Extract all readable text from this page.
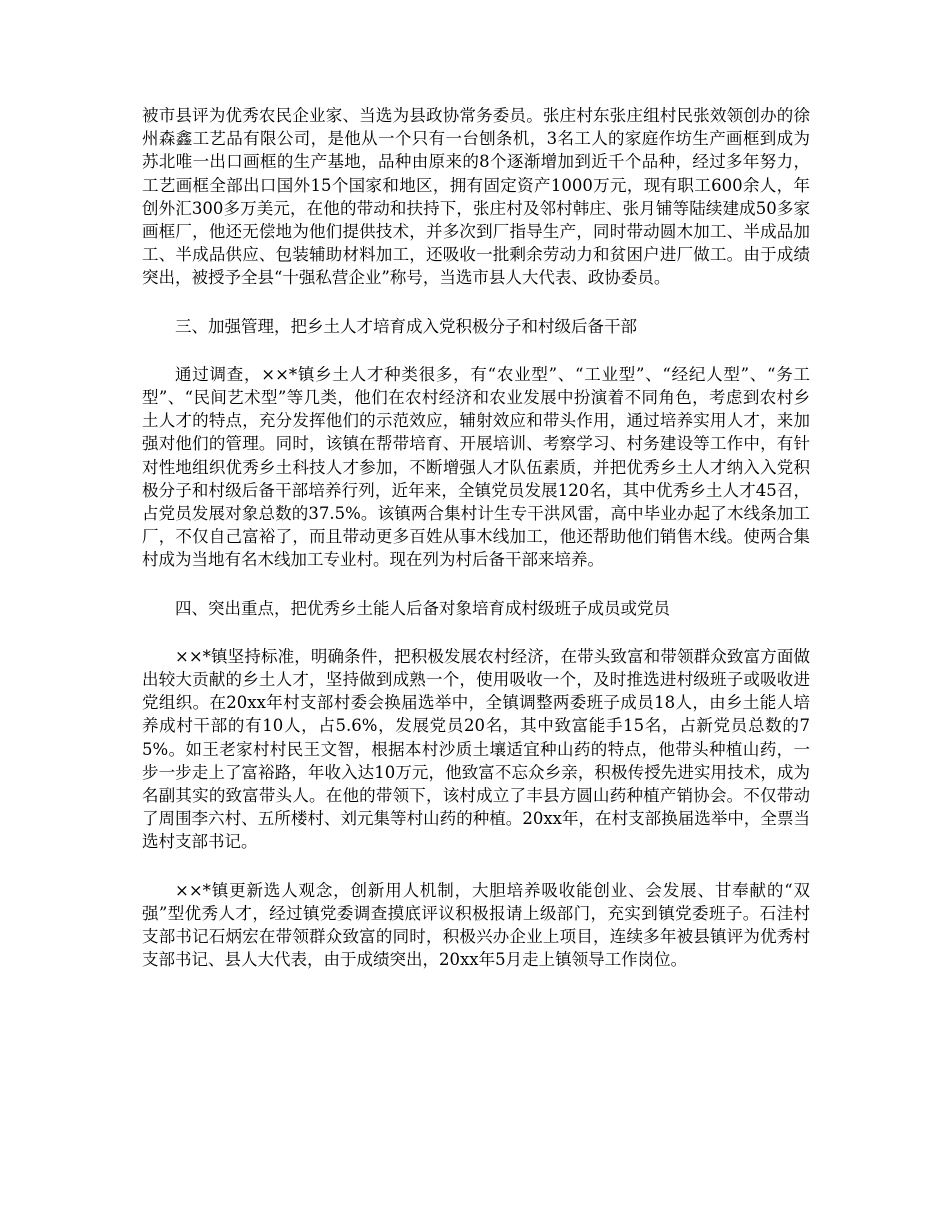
被市县评为优秀农民企业家、当选为县政协常务委员。张庄村东张庄组村民张效领创办的徐州森鑫工艺品有限公司，是他从一个只有一台刨条机，3名工人的家庭作坊生产画框到成为苏北唯一出口画框的生产基地，品种由原来的8个逐渐增加到近千个品种，经过多年努力，工艺画框全部出口国外15个国家和地区，拥有固定资产1000万元，现有职工600余人，年创外汇300多万美元，在他的带动和扶持下，张庄村及邻村韩庄、张月铺等陆续建成50多家画框厂，他还无偿地为他们提供技术，并多次到厂指导生产，同时带动圆木加工、半成品加工、半成品供应、包装辅助材料加工，还吸收一批剩余劳动力和贫困户进厂做工。由于成绩突出，被授予全县“十强私营企业”称号，当选市县人大代表、政协委员。

三、加强管理，把乡土人才培育成入党积极分子和村级后备干部

通过调查，××*镇乡土人才种类很多，有“农业型”、“工业型”、“经纪人型”、“务工型”、“民间艺术型”等几类，他们在农村经济和农业发展中扮演着不同角色，考虑到农村乡土人才的特点，充分发挥他们的示范效应，辅射效应和带头作用，通过培养实用人才，来加强对他们的管理。同时，该镇在帮带培育、开展培训、考察学习、村务建设等工作中，有针对性地组织优秀乡土科技人才参加，不断增强人才队伍素质，并把优秀乡土人才纳入入党积极分子和村级后备干部培养行列，近年来，全镇党员发展120名，其中优秀乡土人才45召，占党员发展对象总数的37.5%。该镇两合集村计生专干洪风雷，高中毕业办起了木线条加工厂，不仅自己富裕了，而且带动更多百姓从事木线加工，他还帮助他们销售木线。使两合集村成为当地有名木线加工专业村。现在列为村后备干部来培养。

四、突出重点，把优秀乡土能人后备对象培育成村级班子成员或党员

××*镇坚持标准，明确条件，把积极发展农村经济，在带头致富和带领群众致富方面做出较大贡献的乡土人才，坚持做到成熟一个，使用吸收一个，及时推选进村级班子或吸收进党组织。在20xx年村支部村委会换届选举中，全镇调整两委班子成员18人，由乡土能人培养成村干部的有10人，占5.6%，发展党员20名，其中致富能手15名，占新党员总数的75%。如王老家村村民王文智，根据本村沙质土壤适宜种山药的特点，他带头种植山药，一步一步走上了富裕路，年收入达10万元，他致富不忘众乡亲，积极传授先进实用技术，成为名副其实的致富带头人。在他的带领下，该村成立了丰县方圆山药种植产销协会。不仅带动了周围李六村、五所楼村、刘元集等村山药的种植。20xx年，在村支部换届选举中，全票当选村支部书记。

××*镇更新选人观念，创新用人机制，大胆培养吸收能创业、会发展、甘奉献的“双强”型优秀人才，经过镇党委调查摸底评议积极报请上级部门，充实到镇党委班子。石洼村支部书记石炳宏在带领群众致富的同时，积极兴办企业上项目，连续多年被县镇评为优秀村支部书记、县人大代表，由于成绩突出，20xx年5月走上镇领导工作岗位。
